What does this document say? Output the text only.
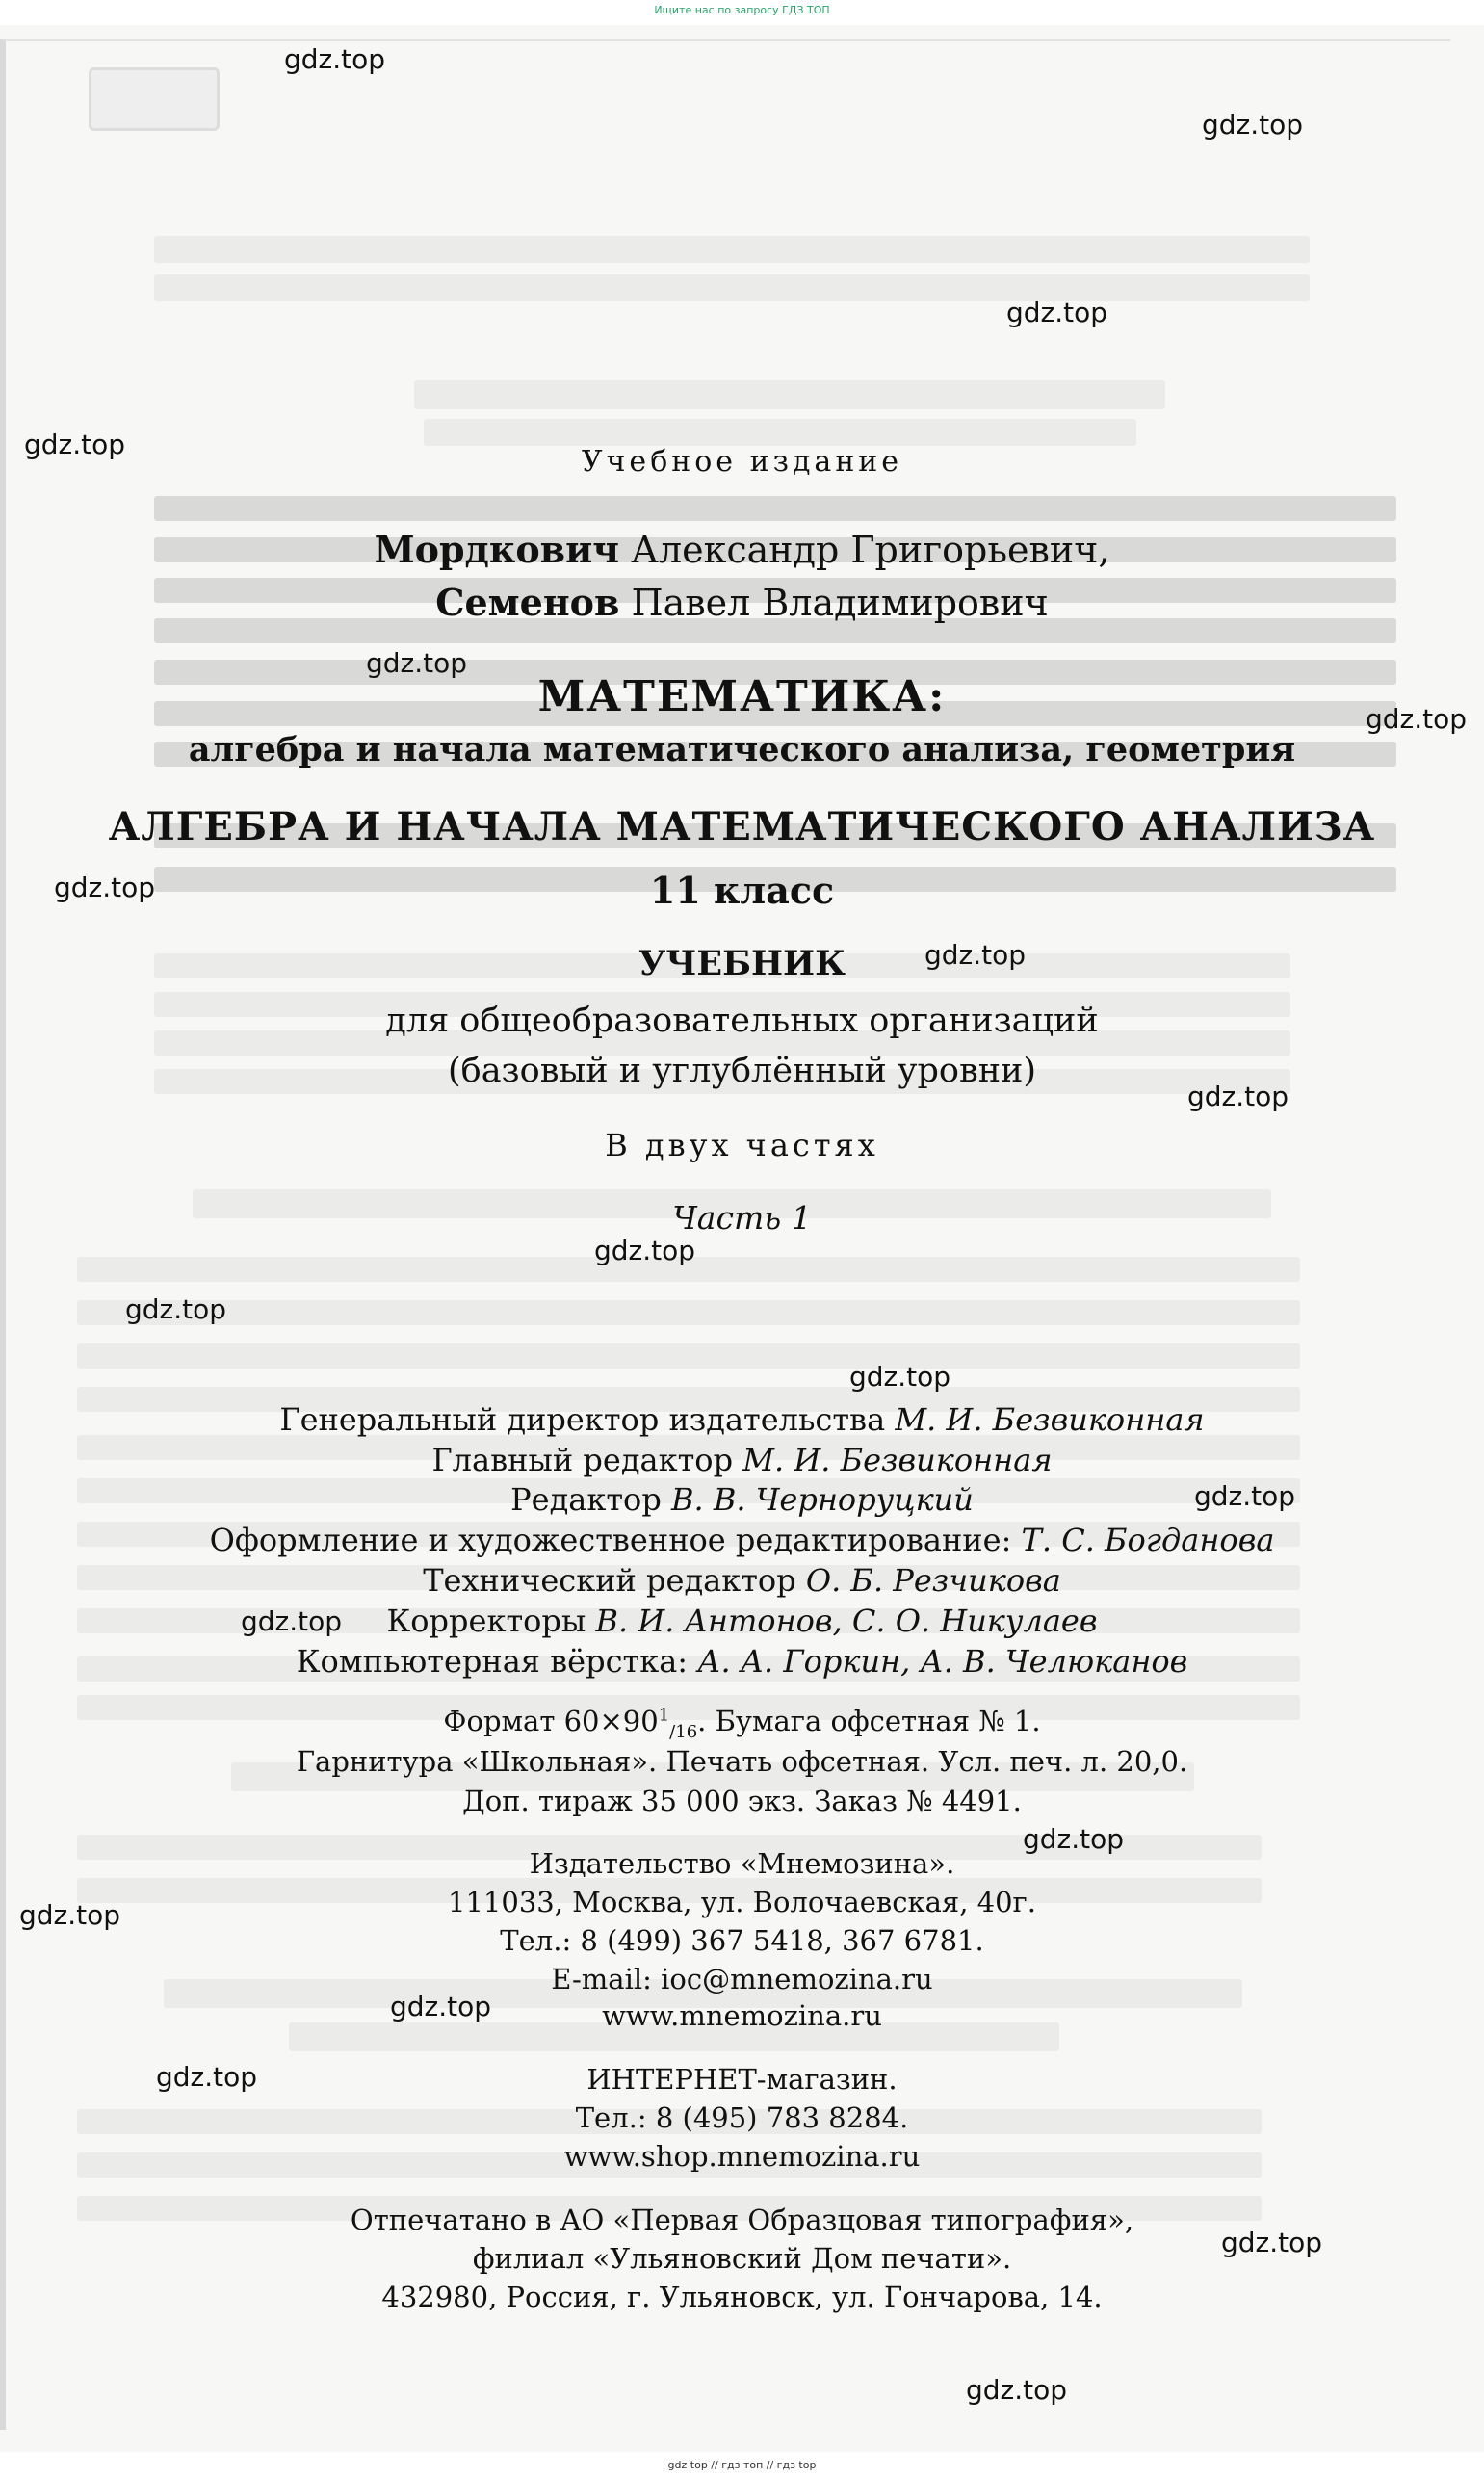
Ищите нас по запросу ГДЗ ТОП
gdz.top
gdz.top
gdz.top
gdz.top
gdz.top
gdz.top
gdz.top
gdz.top
gdz.top
gdz.top
gdz.top
gdz.top
gdz.top
gdz.top
gdz.top
gdz.top
gdz.top
gdz.top
gdz.top
gdz.top
Учебное издание
Мордкович Александр Григорьевич,
Семенов Павел Владимирович
МАТЕМАТИКА:
алгебра и начала математического анализа, геометрия
АЛГЕБРА И НАЧАЛА МАТЕМАТИЧЕСКОГО АНАЛИЗА
11 класс
УЧЕБНИК
для общеобразовательных организаций
(базовый и углублённый уровни)
В двух частях
Часть 1
Генеральный директор издательства М. И. Безвиконная
Главный редактор М. И. Безвиконная
Редактор В. В. Черноруцкий
Оформление и художественное редактирование: Т. С. Богданова
Технический редактор О. Б. Резчикова
Корректоры В. И. Антонов, С. О. Никулаев
Компьютерная вёрстка: А. А. Горкин, А. В. Челюканов
Формат $60\times 90^1_{/16}$. Бумага офсетная № 1.
Гарнитура «Школьная». Печать офсетная. Усл. печ. л. 20,0.
Доп. тираж 35 000 экз. Заказ № 4491.
Издательство «Мнемозина».
111033, Москва, ул. Волочаевская, 40г.
Тел.: 8 (499) 367 5418, 367 6781.
E-mail: ioc@mnemozina.ru
www.mnemozina.ru
ИНТЕРНЕТ-магазин.
Тел.: 8 (495) 783 8284.
www.shop.mnemozina.ru
Отпечатано в АО «Первая Образцовая типография»,
филиал «Ульяновский Дом печати».
432980, Россия, г. Ульяновск, ул. Гончарова, 14.
gdz top // гдз топ // гдз top
